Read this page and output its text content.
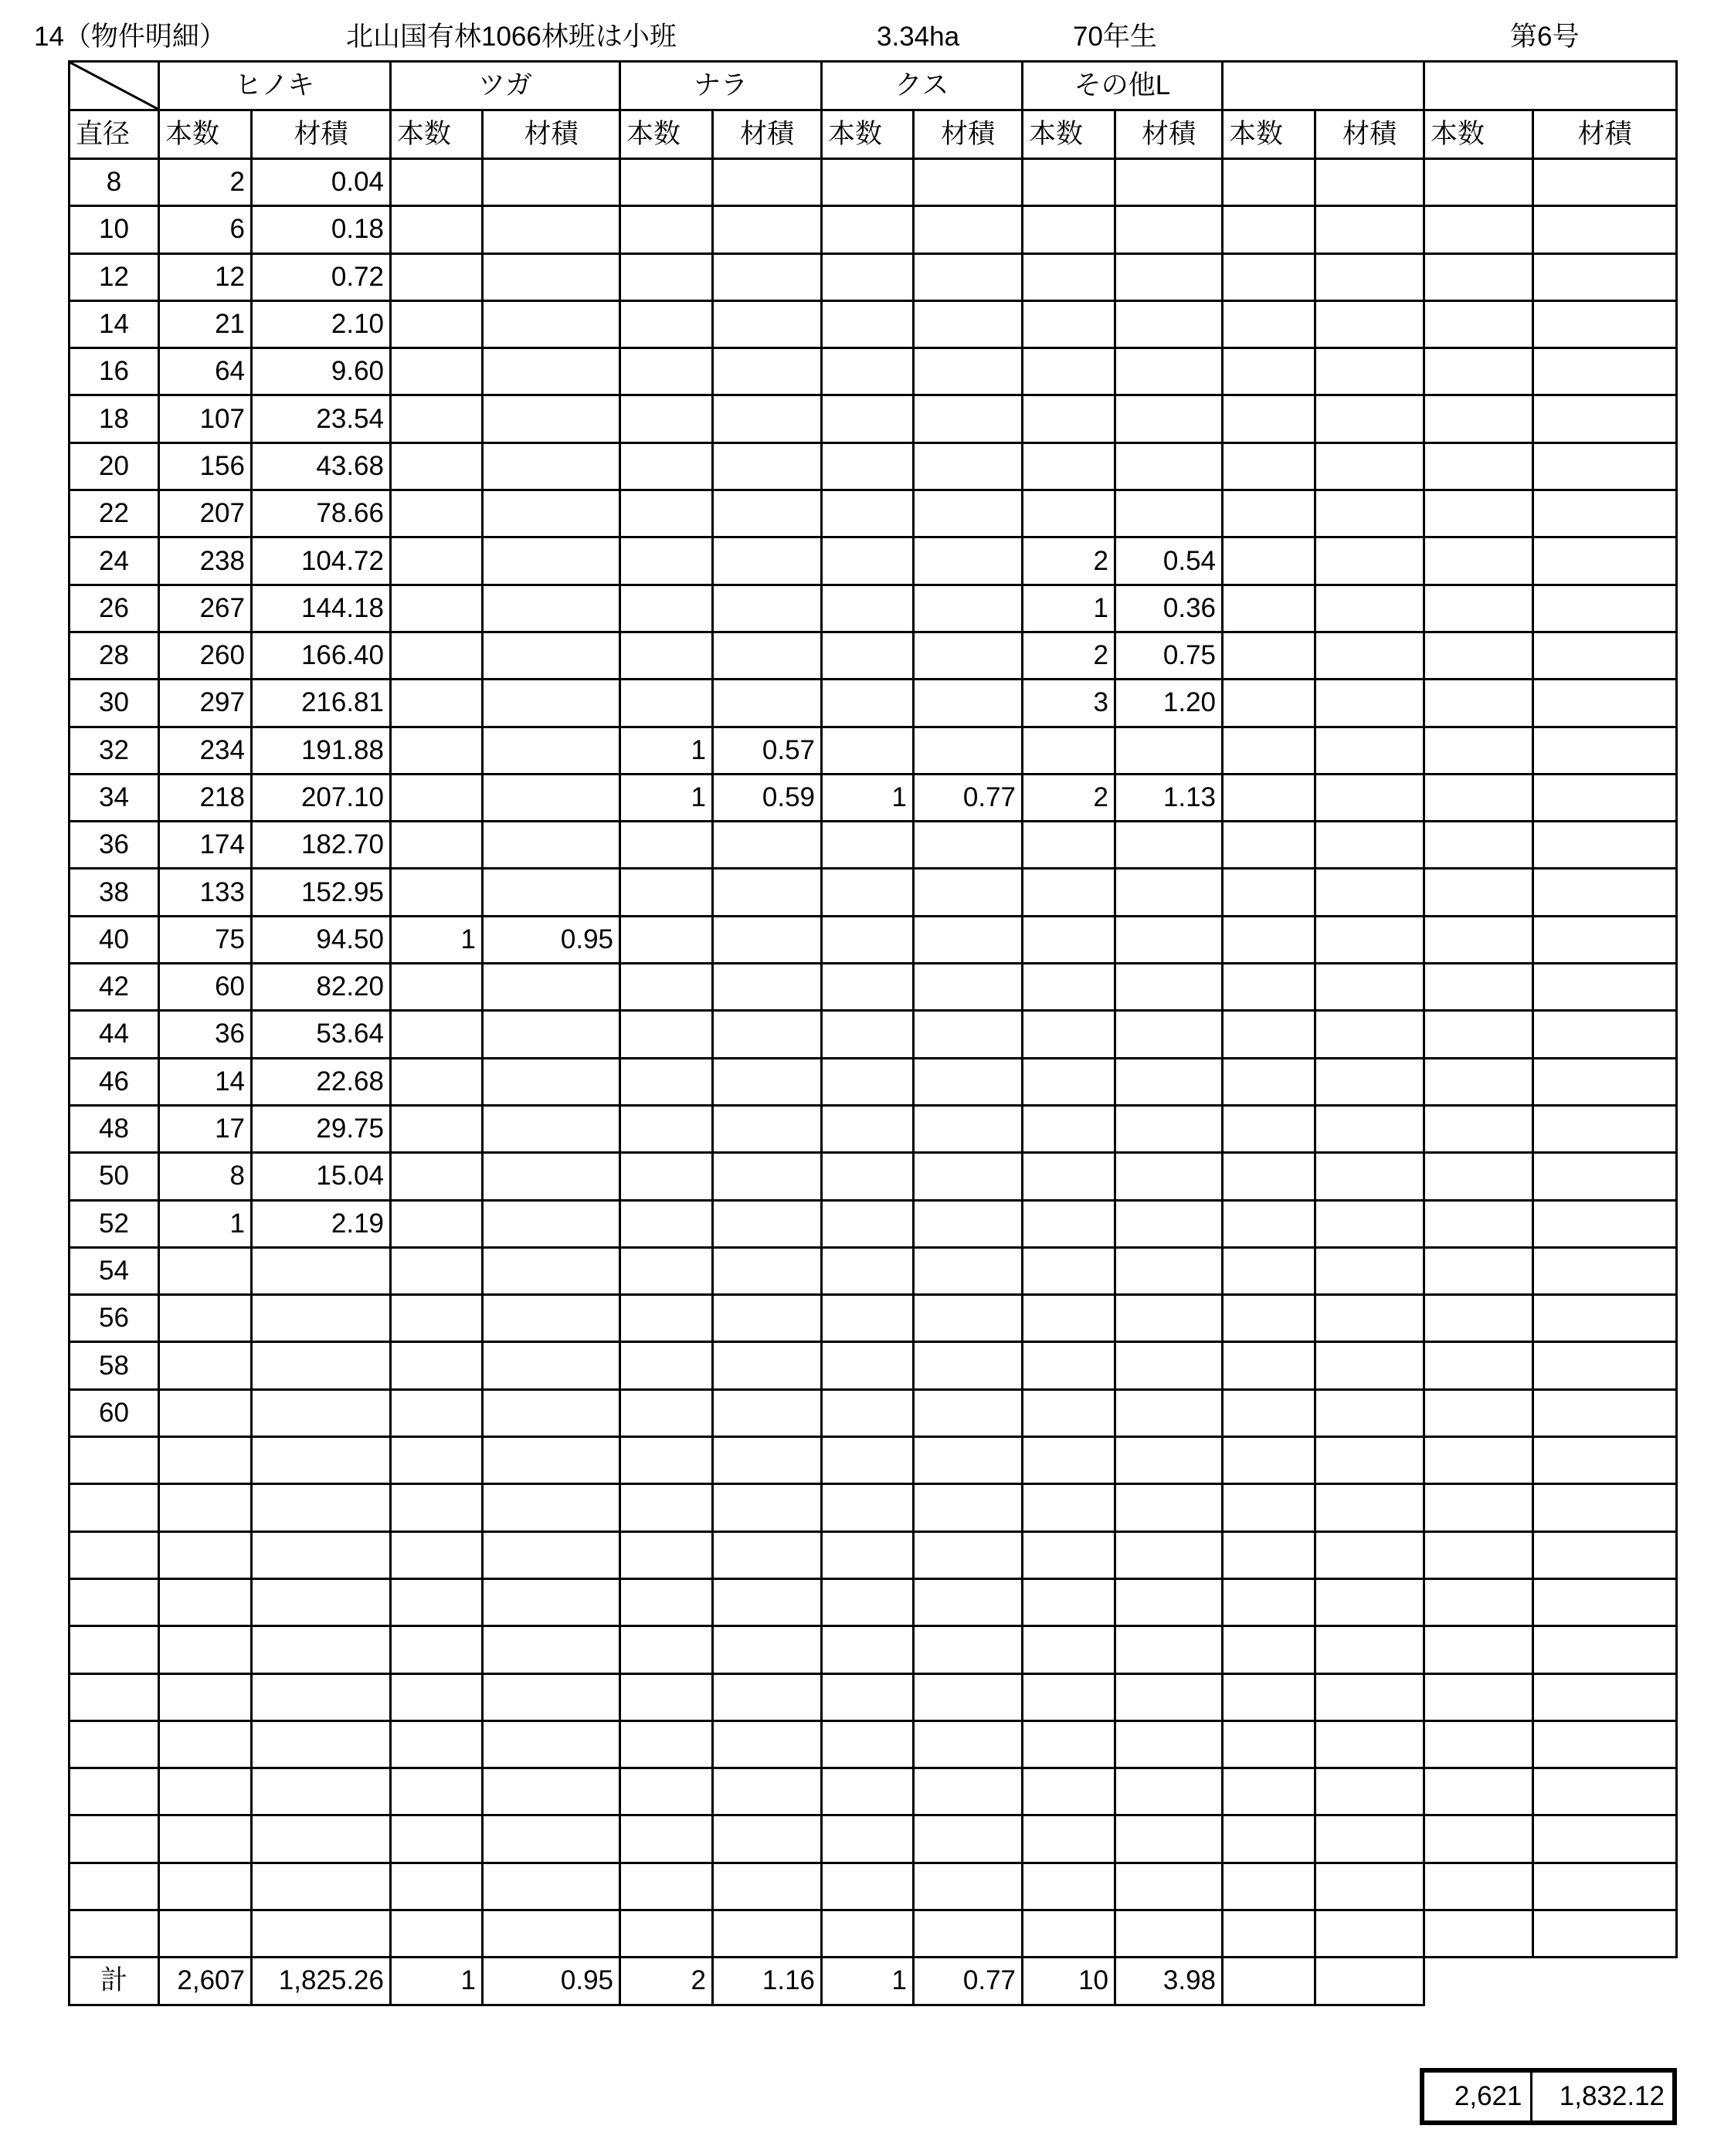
14（物件明細）	北山国有林1066林班は小班	3.34ha	70年生	第6号
	ヒノキ		ツガ		ナラ		クス		その他L					

直径	本数	材積	本数	材積	本数	材積	本数	材積	本数	材積	本数	材積	本数	材積
8	2	0.04												
10	6	0.18												
12	12	0.72												
14	21	2.10												
16	64	9.60												
18	107	23.54												
20	156	43.68												
22	207	78.66												
24	238	104.72							2	0.54				
26	267	144.18							1	0.36				
28	260	166.40							2	0.75				
30	297	216.81							3	1.20				
32	234	191.88			1	0.57								
34	218	207.10			1	0.59	1	0.77	2	1.13				
36	174	182.70												
38	133	152.95												
40	75	94.50	1	0.95										
42	60	82.20												
44	36	53.64												
46	14	22.68												
48	17	29.75												
50	8	15.04												
52	1	2.19												
54														
56														
58														
60														

計	2,607	1,825.26	1	0.95	2	1.16	1	0.77	10	3.98				
2,621	1,832.12
